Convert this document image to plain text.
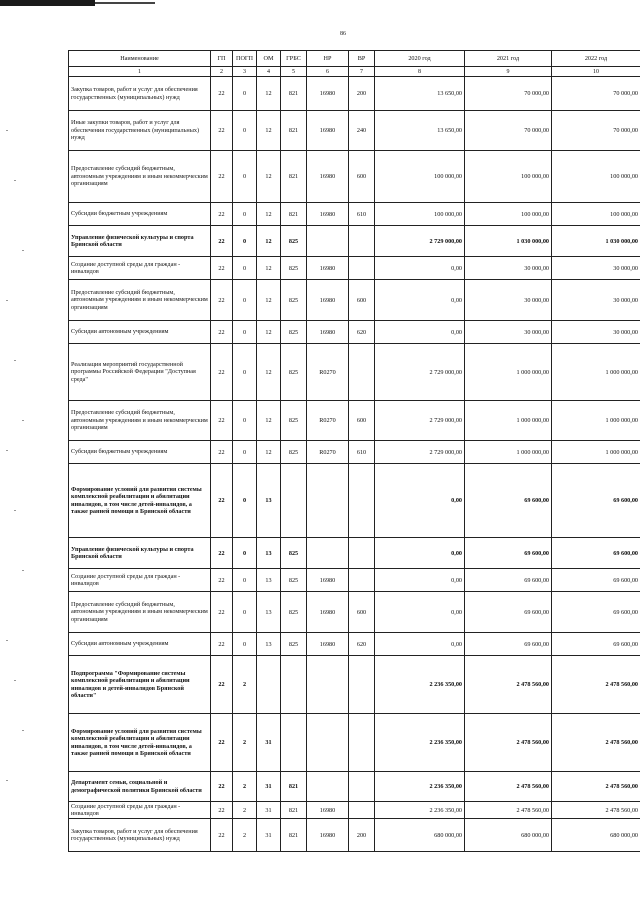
86
Наименование	ГП	ПОГП	ОМ	ГРБС	НР	ВР	2020 год	2021 год	2022 год
1	2	3	4	5	6	7	8	9	10
Закупка товаров, работ и услуг для обеспечения государственных (муниципальных) нужд	22	0	12	821	16980	200	13 650,00	70 000,00	70 000,00
Иные закупки товаров, работ и услуг для обеспечения государственных (муниципальных) нужд	22	0	12	821	16980	240	13 650,00	70 000,00	70 000,00
Предоставление субсидий бюджетным, автономным учреждениям и иным некоммерческим организациям	22	0	12	821	16980	600	100 000,00	100 000,00	100 000,00
Субсидии бюджетным учреждениям	22	0	12	821	16980	610	100 000,00	100 000,00	100 000,00
Управление физической культуры и спорта Брянской области	22	0	12	825			2 729 000,00	1 030 000,00	1 030 000,00
Создание доступной среды для граждан - инвалидов	22	0	12	825	16980		0,00	30 000,00	30 000,00
Предоставление субсидий бюджетным, автономным учреждениям и иным некоммерческим организациям	22	0	12	825	16980	600	0,00	30 000,00	30 000,00
Субсидии автономным учреждениям	22	0	12	825	16980	620	0,00	30 000,00	30 000,00
Реализация мероприятий государственной программы Российской Федерации "Доступная среда"	22	0	12	825	R0270		2 729 000,00	1 000 000,00	1 000 000,00
Предоставление субсидий бюджетным, автономным учреждениям и иным некоммерческим организациям	22	0	12	825	R0270	600	2 729 000,00	1 000 000,00	1 000 000,00
Субсидии бюджетным учреждениям	22	0	12	825	R0270	610	2 729 000,00	1 000 000,00	1 000 000,00
Формирование условий для развития системы комплексной реабилитации и абилитации инвалидов, в том числе детей-инвалидов, а также ранней помощи в Брянской области	22	0	13				0,00	69 600,00	69 600,00
Управление физической культуры и спорта Брянской области	22	0	13	825			0,00	69 600,00	69 600,00
Создание доступной среды для граждан - инвалидов	22	0	13	825	16980		0,00	69 600,00	69 600,00
Предоставление субсидий бюджетным, автономным учреждениям и иным некоммерческим организациям	22	0	13	825	16980	600	0,00	69 600,00	69 600,00
Субсидии автономным учреждениям	22	0	13	825	16980	620	0,00	69 600,00	69 600,00
Подпрограмма "Формирование системы комплексной реабилитации и абилитации инвалидов и детей-инвалидов Брянской области"	22	2					2 236 350,00	2 478 560,00	2 478 560,00
Формирование условий для развития системы комплексной реабилитации и абилитации инвалидов, в том числе детей-инвалидов, а также ранней помощи в Брянской области	22	2	31				2 236 350,00	2 478 560,00	2 478 560,00
Департамент семьи, социальной и демографической политики Брянской области	22	2	31	821			2 236 350,00	2 478 560,00	2 478 560,00
Создание доступной среды для граждан - инвалидов	22	2	31	821	16980		2 236 350,00	2 478 560,00	2 478 560,00
Закупка товаров, работ и услуг для обеспечения государственных (муниципальных) нужд	22	2	31	821	16980	200	680 000,00	680 000,00	680 000,00
